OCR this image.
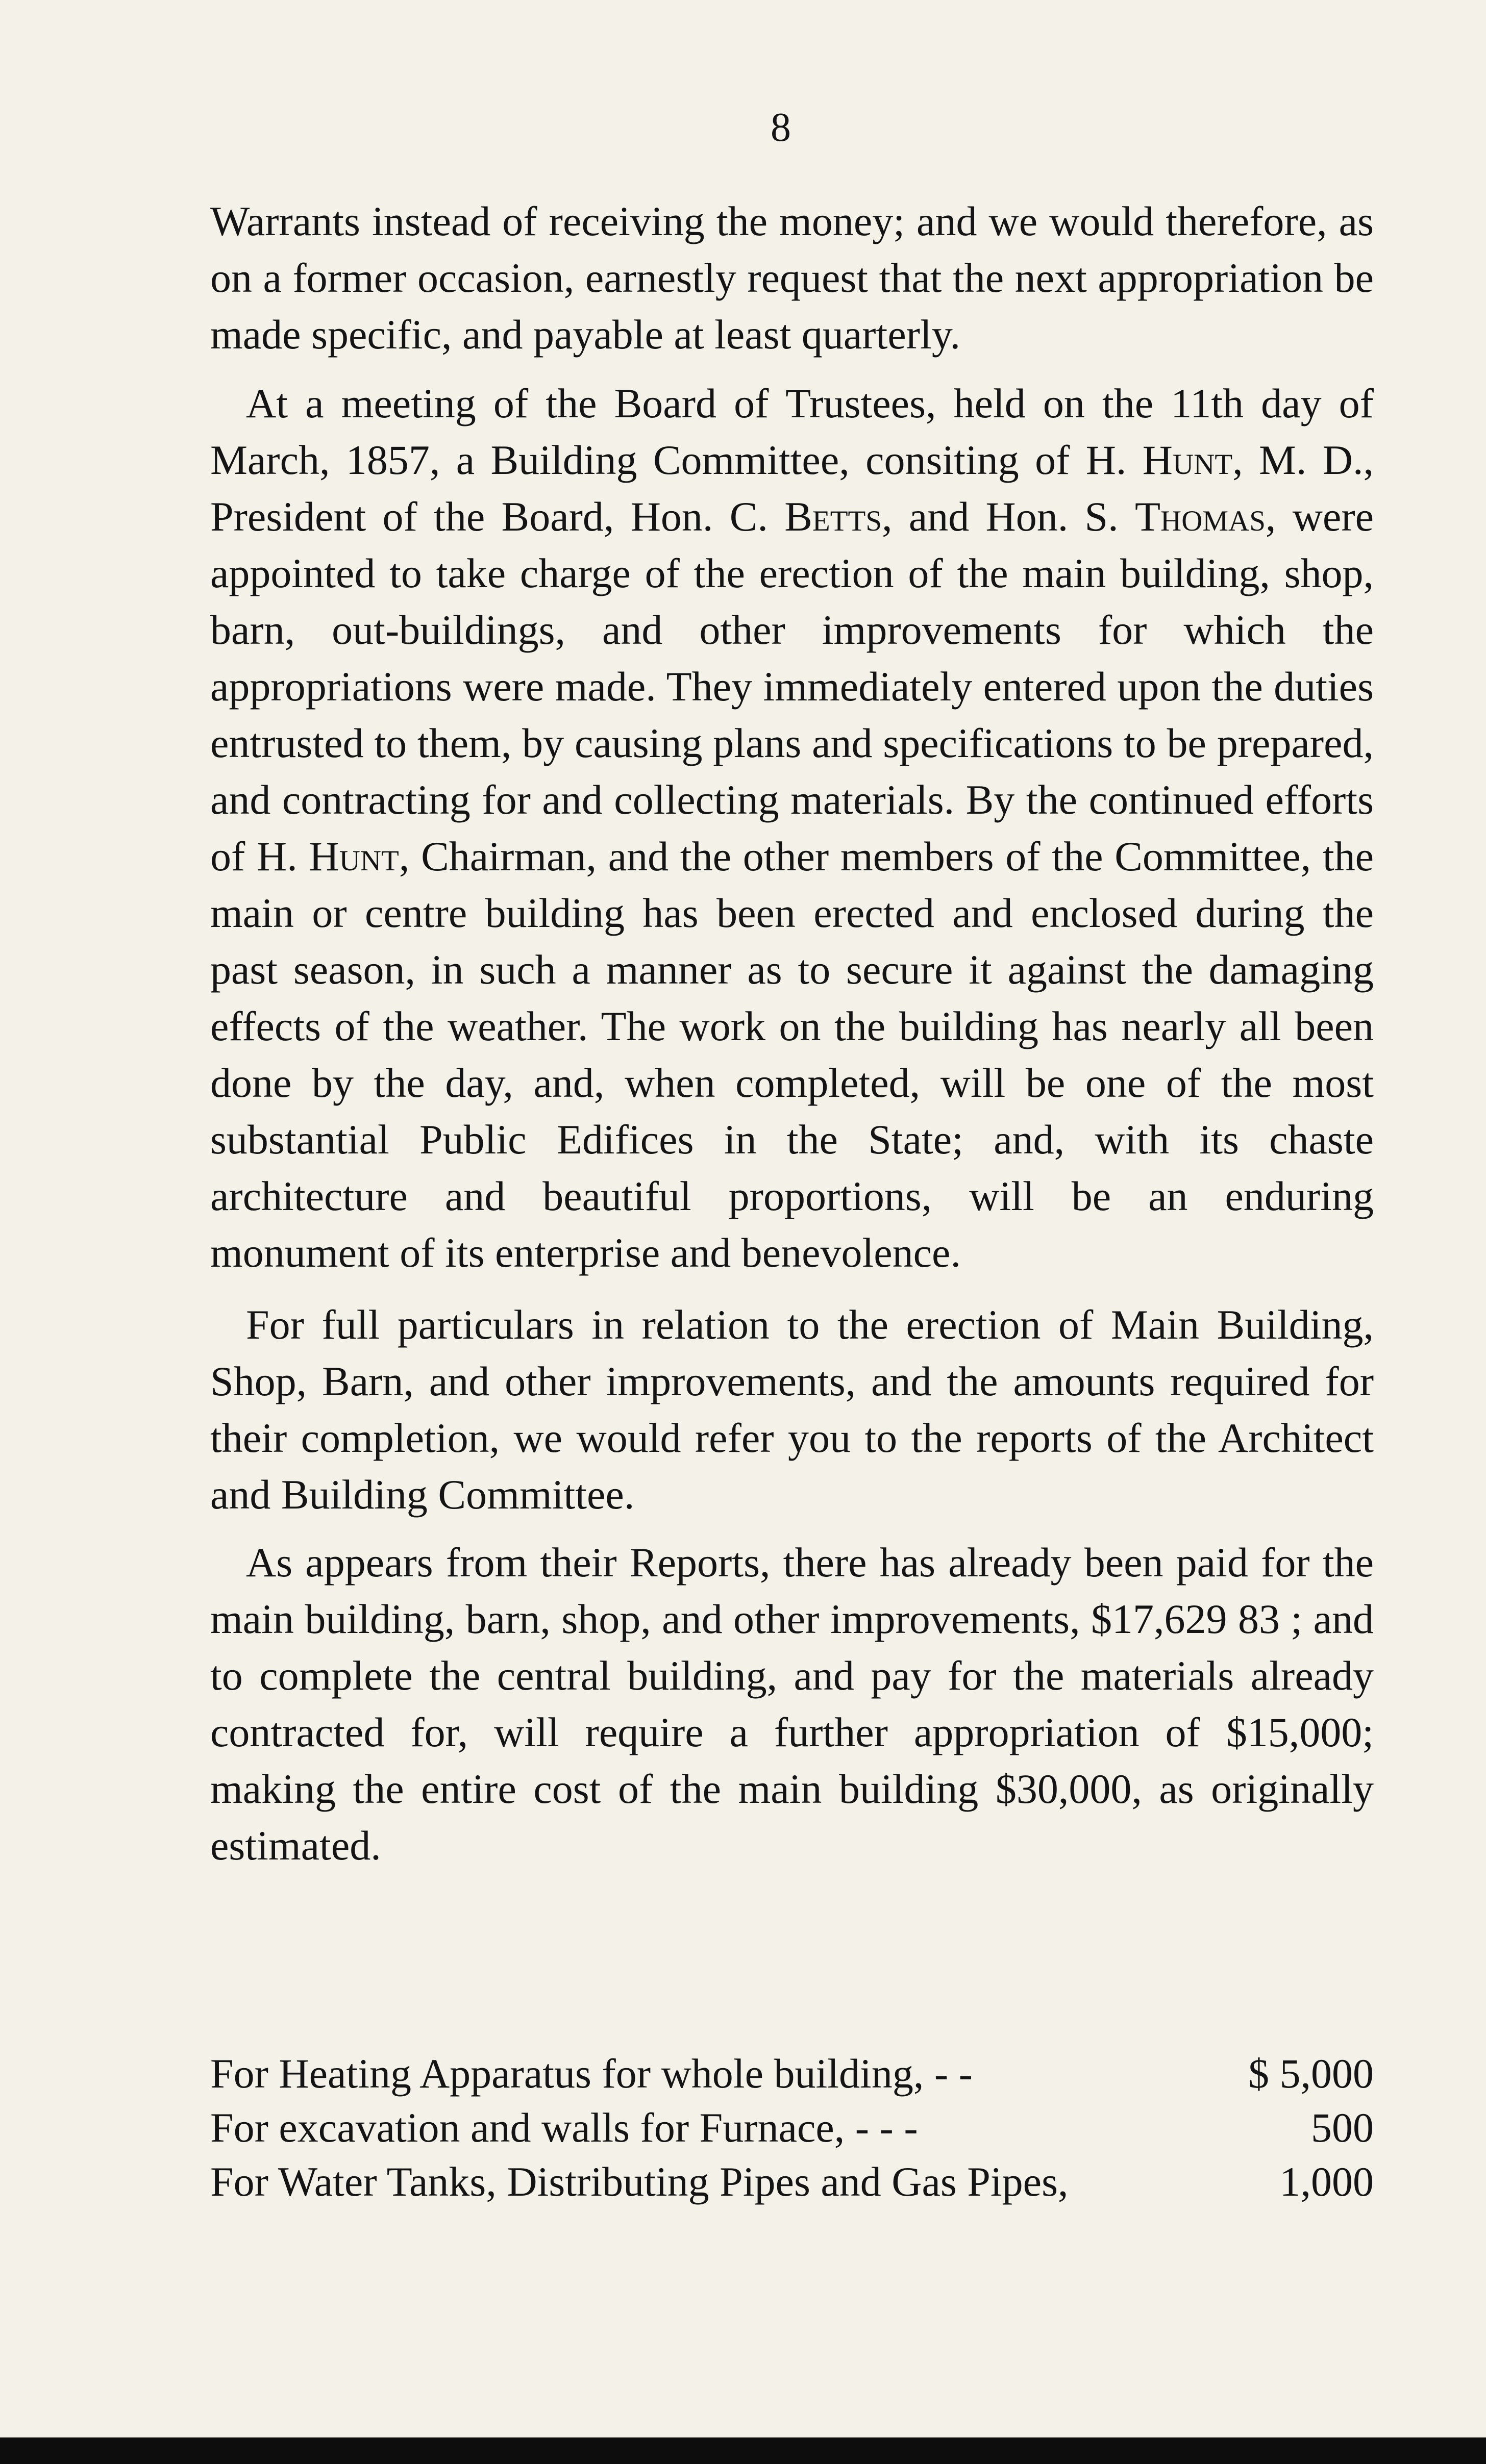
8

Warrants instead of receiving the money; and we would therefore, as on a former occasion, earnestly request that the next appropriation be made specific, and payable at least quarterly.

At a meeting of the Board of Trustees, held on the 11th day of March, 1857, a Building Committee, consiting of H. Hunt, M. D., President of the Board, Hon. C. Betts, and Hon. S. Thomas, were appointed to take charge of the erection of the main building, shop, barn, out-buildings, and other improvements for which the appropriations were made. They immediately entered upon the duties entrusted to them, by causing plans and specifications to be prepared, and contracting for and collecting materials. By the continued efforts of H. Hunt, Chairman, and the other members of the Committee, the main or centre building has been erected and enclosed during the past season, in such a manner as to secure it against the damaging effects of the weather. The work on the building has nearly all been done by the day, and, when completed, will be one of the most substantial Public Edifices in the State; and, with its chaste architecture and beautiful proportions, will be an enduring monument of its enterprise and benevolence.

For full particulars in relation to the erection of Main Building, Shop, Barn, and other improvements, and the amounts required for their completion, we would refer you to the reports of the Architect and Building Committee.

As appears from their Reports, there has already been paid for the main building, barn, shop, and other improvements, $17,629 83 ; and to complete the central building, and pay for the materials already contracted for, will require a further appropriation of $15,000; making the entire cost of the main building $30,000, as originally estimated.

For Heating Apparatus for whole building, - -	$ 5,000
For excavation and walls for Furnace, - - -	500
For Water Tanks, Distributing Pipes and Gas Pipes,	1,000
